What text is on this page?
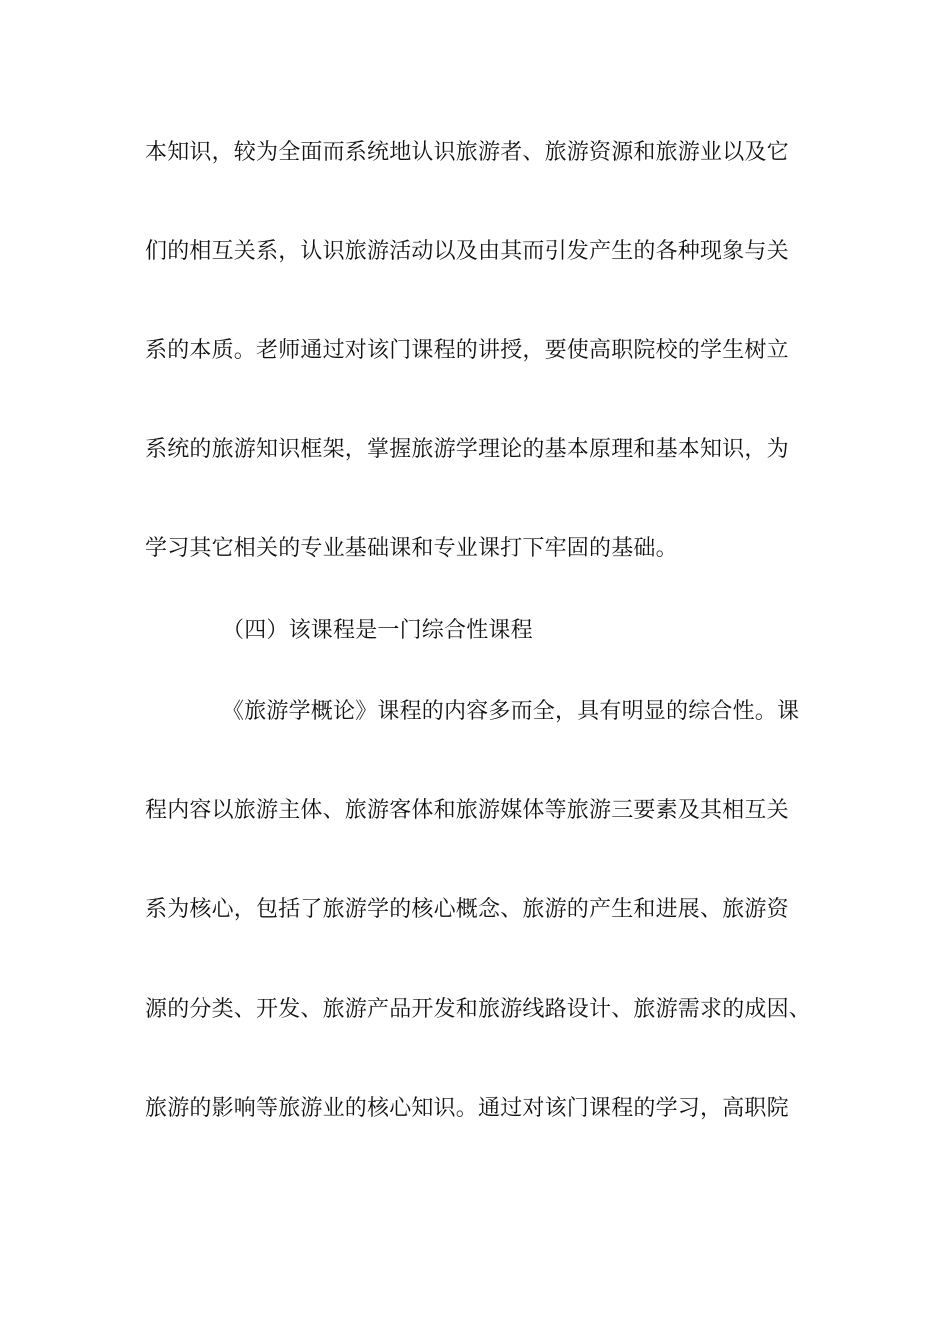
本知识，较为全面而系统地认识旅游者、旅游资源和旅游业以及它
们的相互关系，认识旅游活动以及由其而引发产生的各种现象与关
系的本质。老师通过对该门课程的讲授，要使高职院校的学生树立
系统的旅游知识框架，掌握旅游学理论的基本原理和基本知识，为
学习其它相关的专业基础课和专业课打下牢固的基础。
（四）该课程是一门综合性课程
《旅游学概论》课程的内容多而全，具有明显的综合性。课
程内容以旅游主体、旅游客体和旅游媒体等旅游三要素及其相互关
系为核心，包括了旅游学的核心概念、旅游的产生和进展、旅游资
源的分类、开发、旅游产品开发和旅游线路设计、旅游需求的成因、
旅游的影响等旅游业的核心知识。通过对该门课程的学习，高职院
